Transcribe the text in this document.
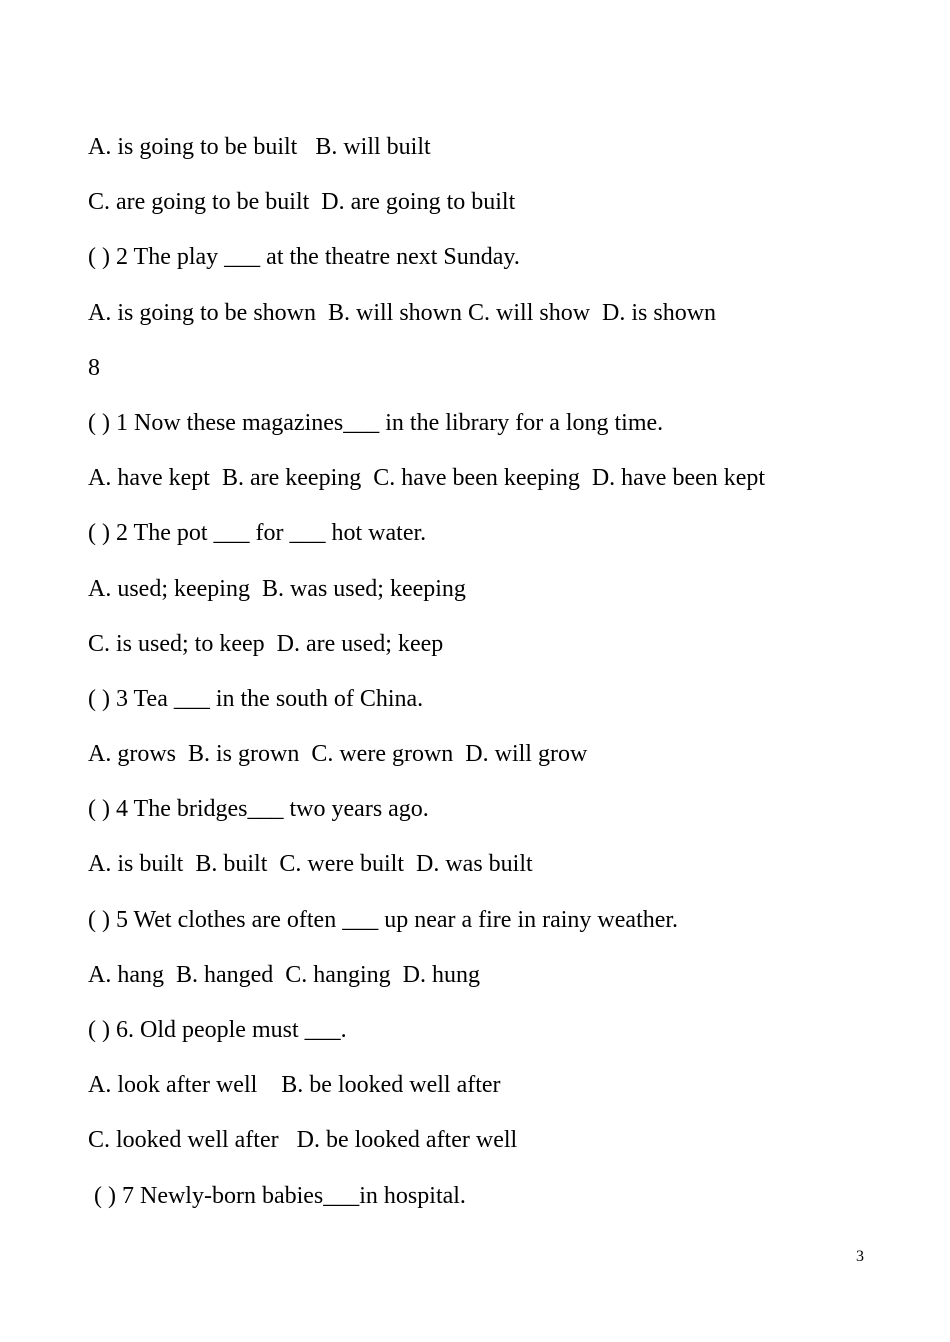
A. is going to be built   B. will built
C. are going to be built  D. are going to built
( ) 2 The play ___ at the theatre next Sunday.
A. is going to be shown  B. will shown C. will show  D. is shown
8
( ) 1 Now these magazines___ in the library for a long time.
A. have kept  B. are keeping  C. have been keeping  D. have been kept
( ) 2 The pot ___ for ___ hot water.
A. used; keeping  B. was used; keeping
C. is used; to keep  D. are used; keep
( ) 3 Tea ___ in the south of China.
A. grows  B. is grown  C. were grown  D. will grow
( ) 4 The bridges___ two years ago.
A. is built  B. built  C. were built  D. was built
( ) 5 Wet clothes are often ___ up near a fire in rainy weather.
A. hang  B. hanged  C. hanging  D. hung
( ) 6. Old people must ___.
A. look after well    B. be looked well after
C. looked well after   D. be looked after well
( ) 7 Newly-born babies___in hospital.
3
